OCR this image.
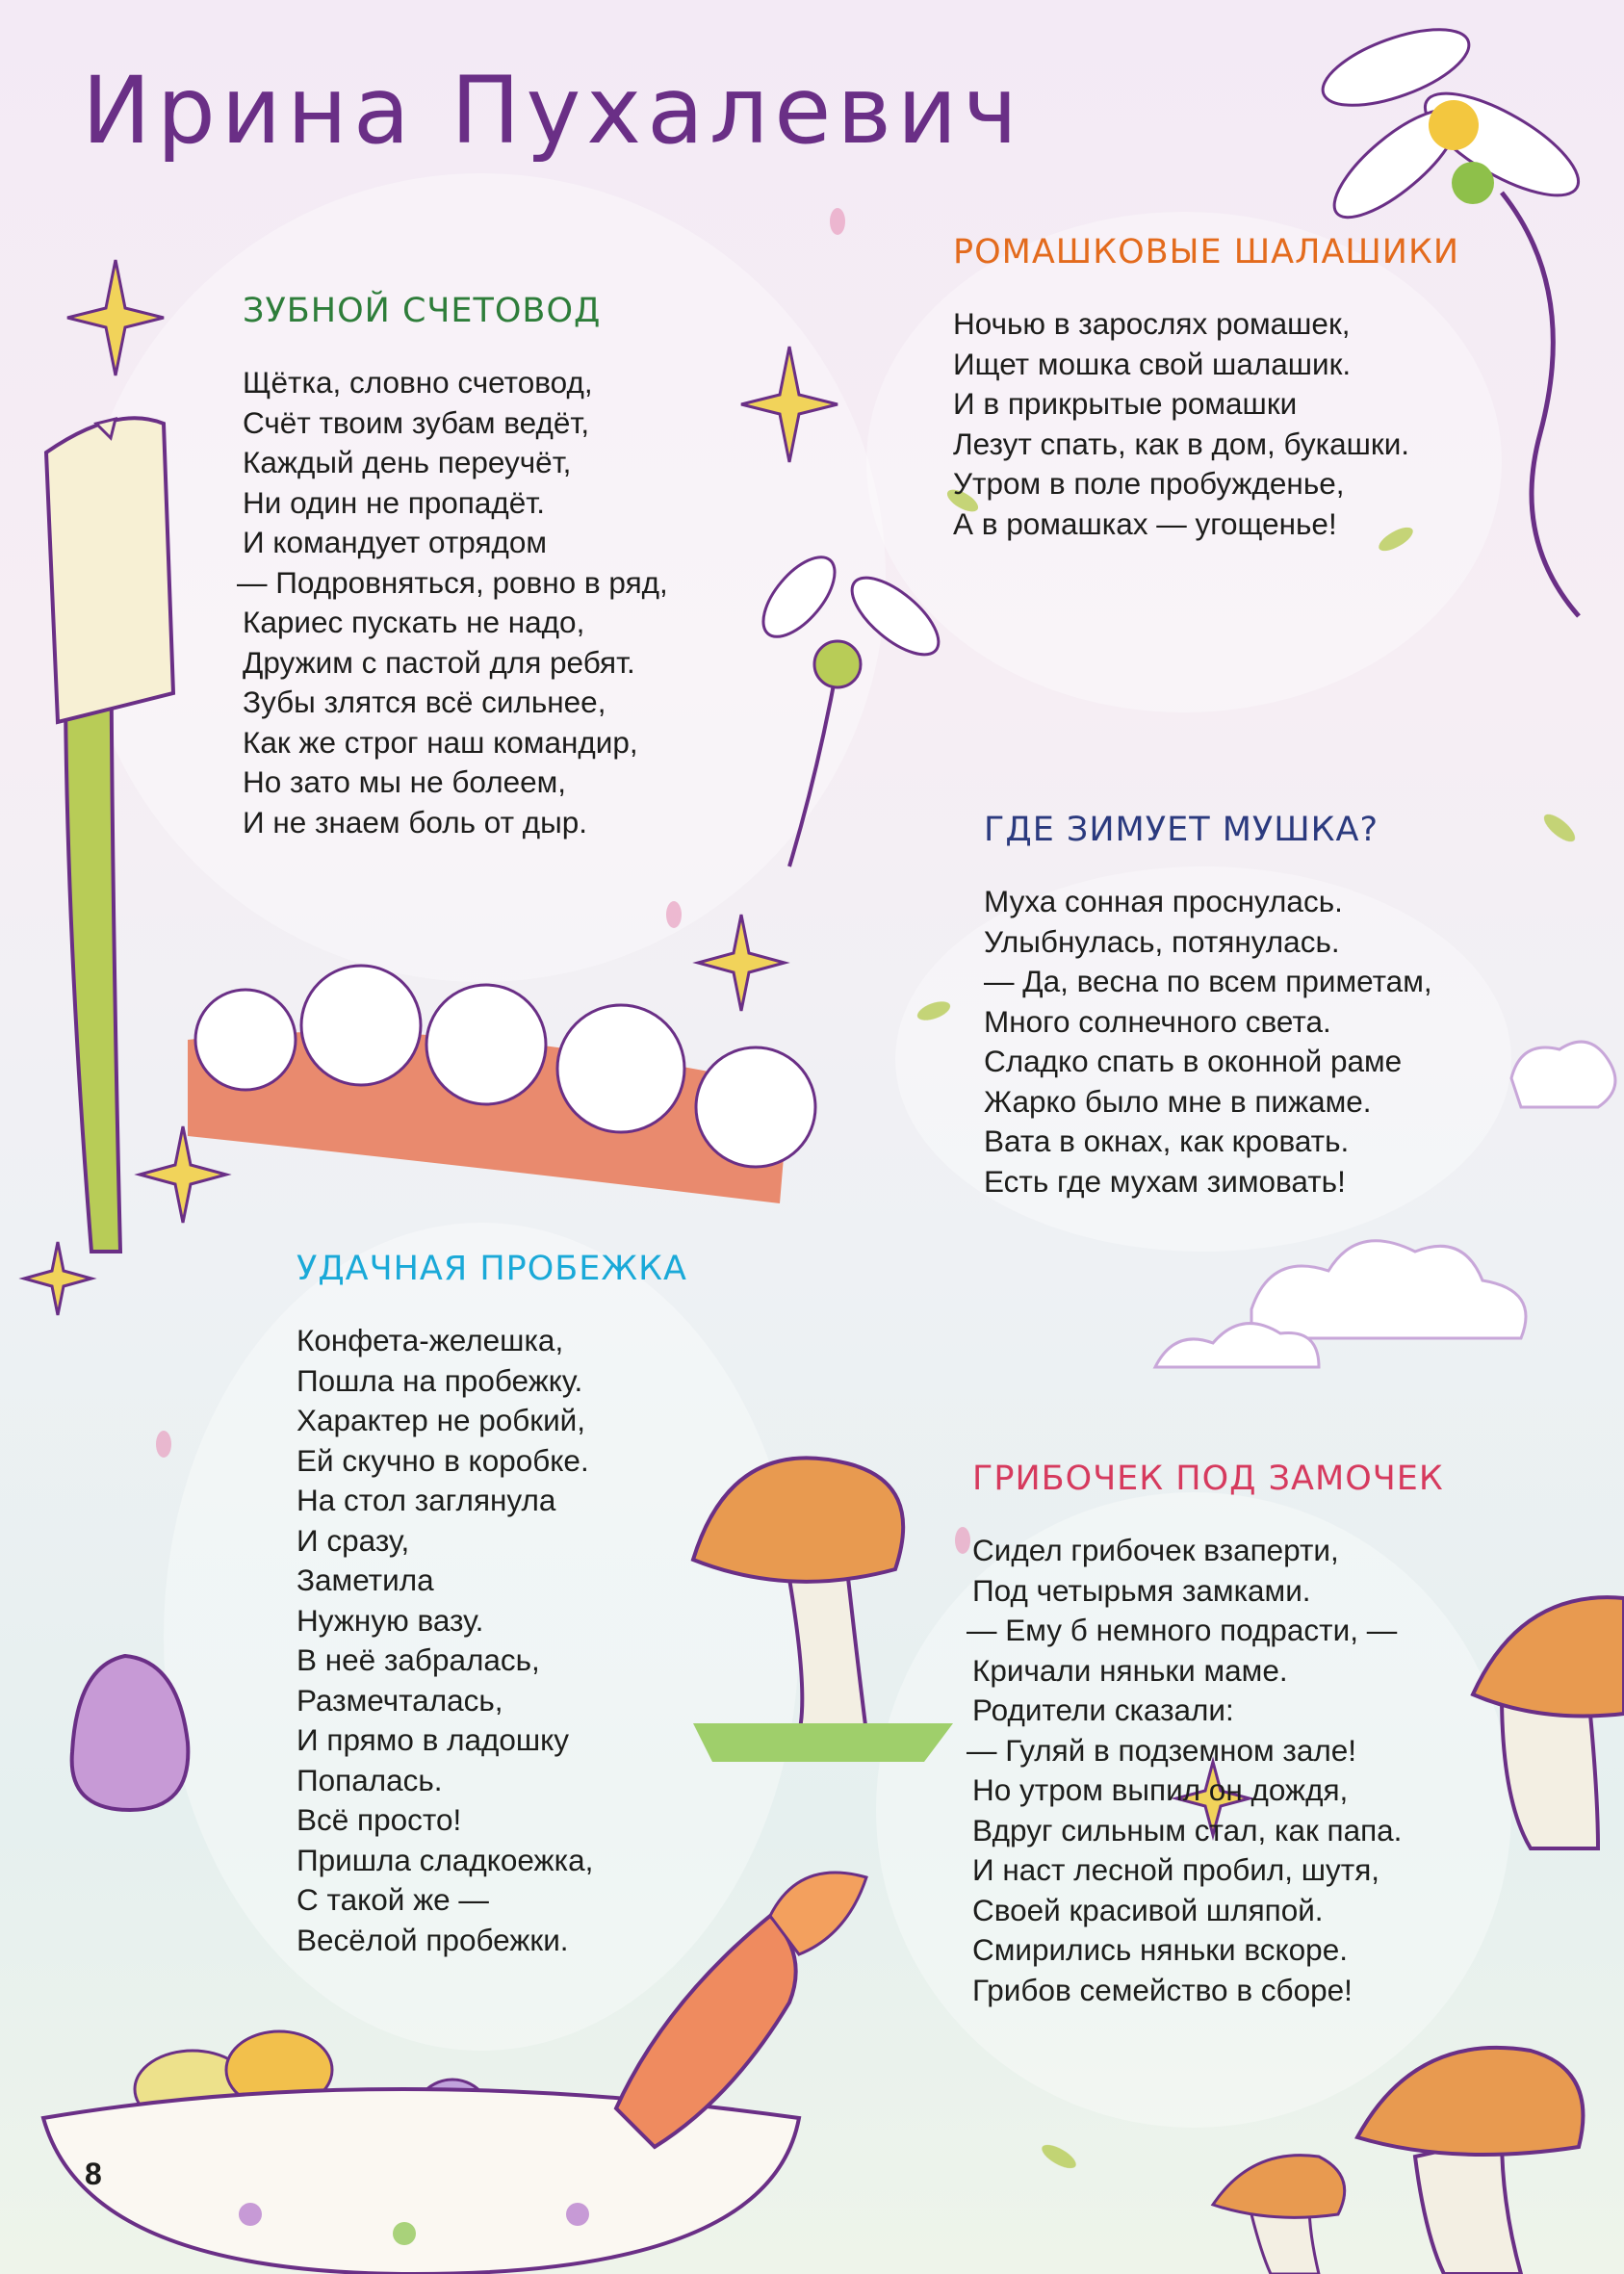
Ирина Пухалевич
ЗУБНОЙ СЧЕТОВОД
Щётка, словно счетовод,
Счёт твоим зубам ведёт,
Каждый день переучёт,
Ни один не пропадёт.
И командует отрядом
— Подровняться, ровно в ряд,
Кариес пускать не надо,
Дружим с пастой для ребят.
Зубы злятся всё сильнее,
Как же строг наш командир,
Но зато мы не болеем,
И не знаем боль от дыр.
РОМАШКОВЫЕ ШАЛАШИКИ
Ночью в зарослях ромашек,
Ищет мошка свой шалашик.
И в прикрытые ромашки
Лезут спать, как в дом, букашки.
Утром в поле пробужденье,
А в ромашках — угощенье!
ГДЕ ЗИМУЕТ МУШКА?
Муха сонная проснулась.
Улыбнулась, потянулась.
— Да, весна по всем приметам,
Много солнечного света.
Сладко спать в оконной раме
Жарко было мне в пижаме.
Вата в окнах, как кровать.
Есть где мухам зимовать!
УДАЧНАЯ ПРОБЕЖКА
Конфета-желешка,
Пошла на пробежку.
Характер не робкий,
Ей скучно в коробке.
На стол заглянула
И сразу,
Заметила
Нужную вазу.
В неё забралась,
Размечталась,
И прямо в ладошку
Попалась.
Всё просто!
Пришла сладкоежка,
С такой же —
Весёлой пробежки.
ГРИБОЧЕК ПОД ЗАМОЧЕК
Сидел грибочек взаперти,
Под четырьмя замками.
— Ему б немного подрасти, —
Кричали няньки маме.
Родители сказали:
— Гуляй в подземном зале!
Но утром выпил он дождя,
Вдруг сильным стал, как папа.
И наст лесной пробил, шутя,
Своей красивой шляпой.
Смирились няньки вскоре.
Грибов семейство в сборе!
8
